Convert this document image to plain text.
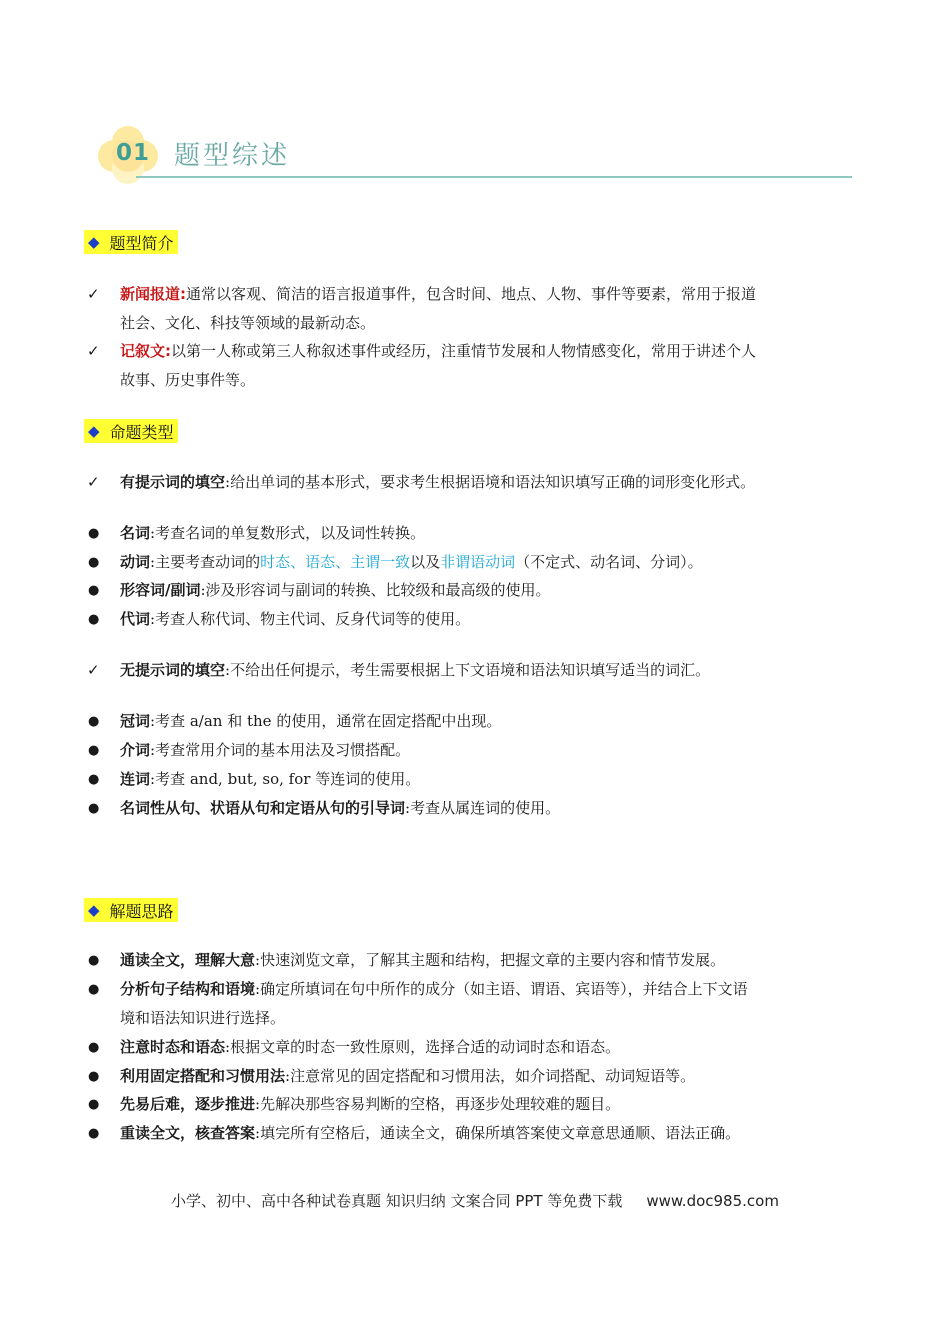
01 题型综述
◆ 题型简介
✓	新闻报道:通常以客观、简洁的语言报道事件，包含时间、地点、人物、事件等要素，常用于报道
社会、文化、科技等领域的最新动态。
✓	记叙文:以第一人称或第三人称叙述事件或经历，注重情节发展和人物情感变化，常用于讲述个人
故事、历史事件等。
◆ 命题类型
✓	有提示词的填空:给出单词的基本形式，要求考生根据语境和语法知识填写正确的词形变化形式。
●	名词:考查名词的单复数形式，以及词性转换。
●	动词:主要考查动词的时态、语态、主谓一致以及非谓语动词（不定式、动名词、分词）。
●	形容词/副词:涉及形容词与副词的转换、比较级和最高级的使用。
●	代词:考查人称代词、物主代词、反身代词等的使用。
✓	无提示词的填空:不给出任何提示，考生需要根据上下文语境和语法知识填写适当的词汇。
●	冠词:考查 a/an 和 the 的使用，通常在固定搭配中出现。
●	介词:考查常用介词的基本用法及习惯搭配。
●	连词:考查 and, but, so, for 等连词的使用。
●	名词性从句、状语从句和定语从句的引导词:考查从属连词的使用。
◆ 解题思路
●	通读全文，理解大意:快速浏览文章，了解其主题和结构，把握文章的主要内容和情节发展。
●	分析句子结构和语境:确定所填词在句中所作的成分（如主语、谓语、宾语等），并结合上下文语
境和语法知识进行选择。
●	注意时态和语态:根据文章的时态一致性原则，选择合适的动词时态和语态。
●	利用固定搭配和习惯用法:注意常见的固定搭配和习惯用法，如介词搭配、动词短语等。
●	先易后难，逐步推进:先解决那些容易判断的空格，再逐步处理较难的题目。
●	重读全文，核查答案:填完所有空格后，通读全文，确保所填答案使文章意思通顺、语法正确。
小学、初中、高中各种试卷真题 知识归纳 文案合同 PPT 等免费下载 www.doc985.com
